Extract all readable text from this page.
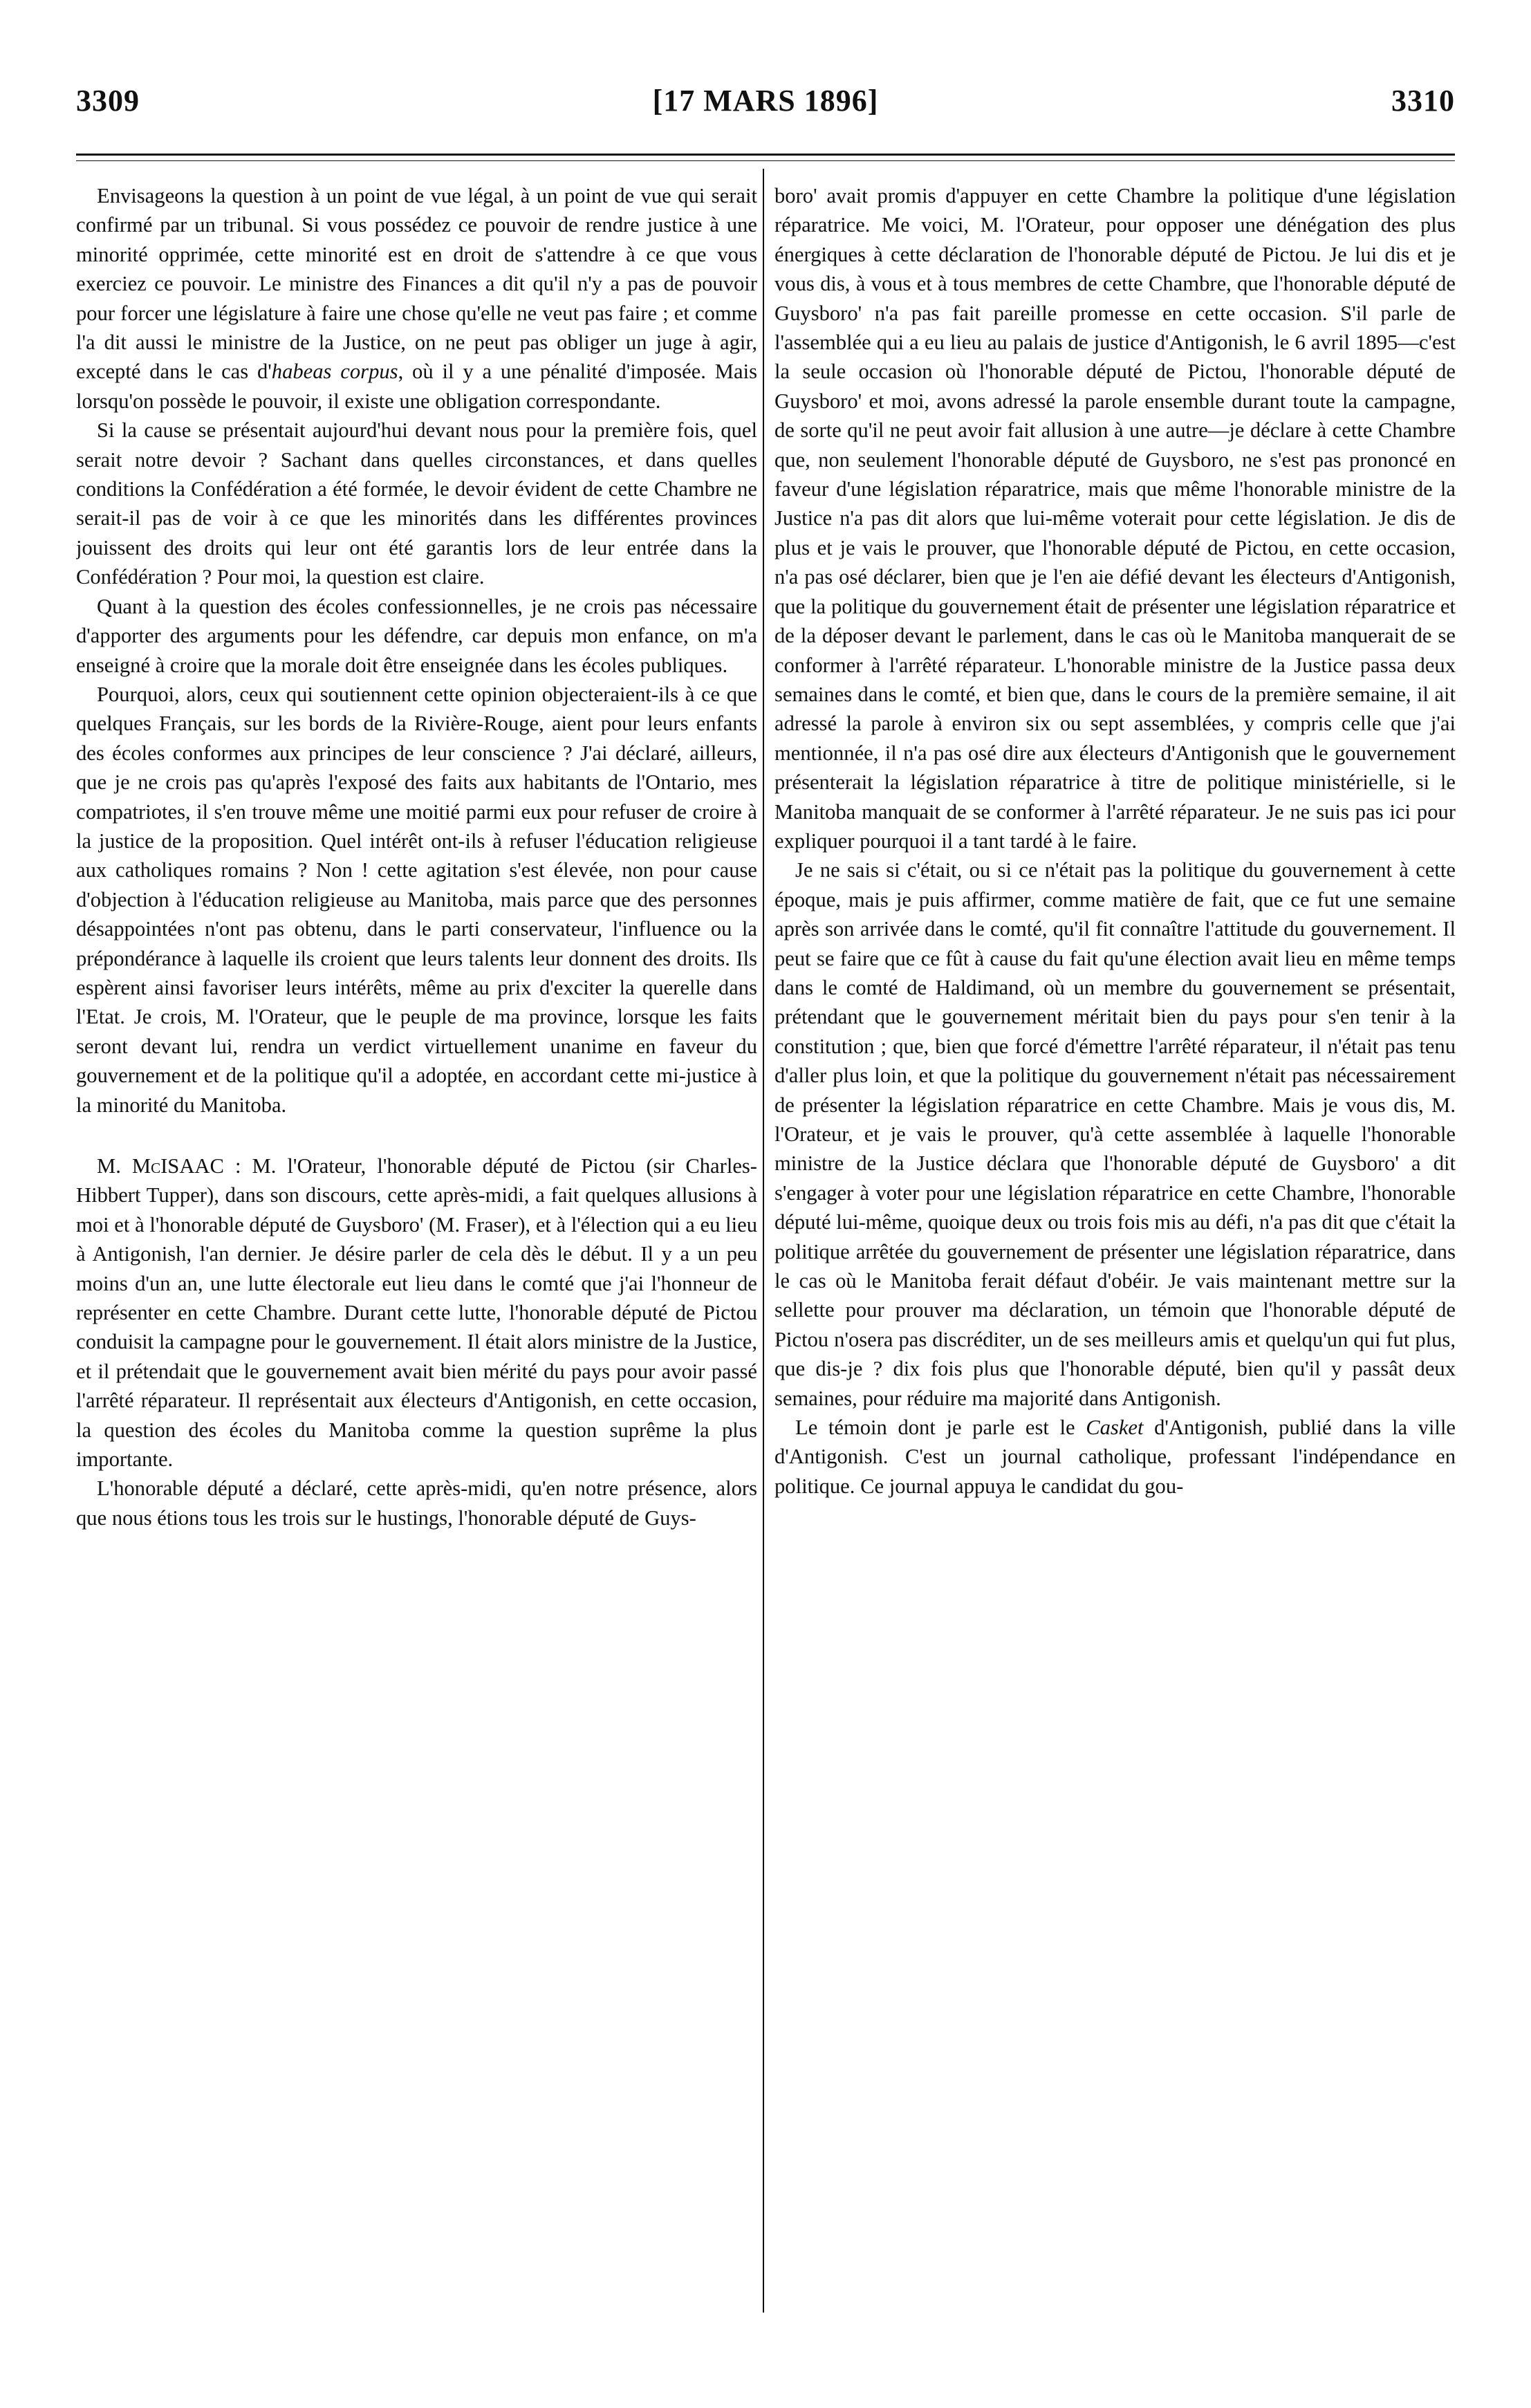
3309	[17 MARS 1896]	3310

Envisageons la question à un point de vue légal, à un point de vue qui serait confirmé par un tribunal. Si vous possédez ce pouvoir de rendre justice à une minorité opprimée, cette minorité est en droit de s'attendre à ce que vous exerciez ce pouvoir. Le ministre des Finances a dit qu'il n'y a pas de pouvoir pour forcer une législature à faire une chose qu'elle ne veut pas faire ; et comme l'a dit aussi le ministre de la Justice, on ne peut pas obliger un juge à agir, excepté dans le cas d'habeas corpus, où il y a une pénalité d'imposée. Mais lorsqu'on possède le pouvoir, il existe une obligation correspondante.

Si la cause se présentait aujourd'hui devant nous pour la première fois, quel serait notre devoir ? Sachant dans quelles circonstances, et dans quelles conditions la Confédération a été formée, le devoir évident de cette Chambre ne serait-il pas de voir à ce que les minorités dans les différentes provinces jouissent des droits qui leur ont été garantis lors de leur entrée dans la Confédération ? Pour moi, la question est claire.

Quant à la question des écoles confessionnelles, je ne crois pas nécessaire d'apporter des arguments pour les défendre, car depuis mon enfance, on m'a enseigné à croire que la morale doit être enseignée dans les écoles publiques.

Pourquoi, alors, ceux qui soutiennent cette opinion objecteraient-ils à ce que quelques Français, sur les bords de la Rivière-Rouge, aient pour leurs enfants des écoles conformes aux principes de leur conscience ? J'ai déclaré, ailleurs, que je ne crois pas qu'après l'exposé des faits aux habitants de l'Ontario, mes compatriotes, il s'en trouve même une moitié parmi eux pour refuser de croire à la justice de la proposition. Quel intérêt ont-ils à refuser l'éducation religieuse aux catholiques romains ? Non ! cette agitation s'est élevée, non pour cause d'objection à l'éducation religieuse au Manitoba, mais parce que des personnes désappointées n'ont pas obtenu, dans le parti conservateur, l'influence ou la prépondérance à laquelle ils croient que leurs talents leur donnent des droits. Ils espèrent ainsi favoriser leurs intérêts, même au prix d'exciter la querelle dans l'Etat. Je crois, M. l'Orateur, que le peuple de ma province, lorsque les faits seront devant lui, rendra un verdict virtuellement unanime en faveur du gouvernement et de la politique qu'il a adoptée, en accordant cette mi-justice à la minorité du Manitoba.

M. McISAAC : M. l'Orateur, l'honorable député de Pictou (sir Charles-Hibbert Tupper), dans son discours, cette après-midi, a fait quelques allusions à moi et à l'honorable député de Guysboro' (M. Fraser), et à l'élection qui a eu lieu à Antigonish, l'an dernier. Je désire parler de cela dès le début. Il y a un peu moins d'un an, une lutte électorale eut lieu dans le comté que j'ai l'honneur de représenter en cette Chambre. Durant cette lutte, l'honorable député de Pictou conduisit la campagne pour le gouvernement. Il était alors ministre de la Justice, et il prétendait que le gouvernement avait bien mérité du pays pour avoir passé l'arrêté réparateur. Il représentait aux électeurs d'Antigonish, en cette occasion, la question des écoles du Manitoba comme la question suprême la plus importante.

L'honorable député a déclaré, cette après-midi, qu'en notre présence, alors que nous étions tous les trois sur le hustings, l'honorable député de Guys-

boro' avait promis d'appuyer en cette Chambre la politique d'une législation réparatrice. Me voici, M. l'Orateur, pour opposer une dénégation des plus énergiques à cette déclaration de l'honorable député de Pictou. Je lui dis et je vous dis, à vous et à tous membres de cette Chambre, que l'honorable député de Guysboro' n'a pas fait pareille promesse en cette occasion. S'il parle de l'assemblée qui a eu lieu au palais de justice d'Antigonish, le 6 avril 1895—c'est la seule occasion où l'honorable député de Pictou, l'honorable député de Guysboro' et moi, avons adressé la parole ensemble durant toute la campagne, de sorte qu'il ne peut avoir fait allusion à une autre—je déclare à cette Chambre que, non seulement l'honorable député de Guysboro, ne s'est pas prononcé en faveur d'une législation réparatrice, mais que même l'honorable ministre de la Justice n'a pas dit alors que lui-même voterait pour cette législation. Je dis de plus et je vais le prouver, que l'honorable député de Pictou, en cette occasion, n'a pas osé déclarer, bien que je l'en aie défié devant les électeurs d'Antigonish, que la politique du gouvernement était de présenter une législation réparatrice et de la déposer devant le parlement, dans le cas où le Manitoba manquerait de se conformer à l'arrêté réparateur. L'honorable ministre de la Justice passa deux semaines dans le comté, et bien que, dans le cours de la première semaine, il ait adressé la parole à environ six ou sept assemblées, y compris celle que j'ai mentionnée, il n'a pas osé dire aux électeurs d'Antigonish que le gouvernement présenterait la législation réparatrice à titre de politique ministérielle, si le Manitoba manquait de se conformer à l'arrêté réparateur. Je ne suis pas ici pour expliquer pourquoi il a tant tardé à le faire.

Je ne sais si c'était, ou si ce n'était pas la politique du gouvernement à cette époque, mais je puis affirmer, comme matière de fait, que ce fut une semaine après son arrivée dans le comté, qu'il fit connaître l'attitude du gouvernement. Il peut se faire que ce fût à cause du fait qu'une élection avait lieu en même temps dans le comté de Haldimand, où un membre du gouvernement se présentait, prétendant que le gouvernement méritait bien du pays pour s'en tenir à la constitution ; que, bien que forcé d'émettre l'arrêté réparateur, il n'était pas tenu d'aller plus loin, et que la politique du gouvernement n'était pas nécessairement de présenter la législation réparatrice en cette Chambre. Mais je vous dis, M. l'Orateur, et je vais le prouver, qu'à cette assemblée à laquelle l'honorable ministre de la Justice déclara que l'honorable député de Guysboro' a dit s'engager à voter pour une législation réparatrice en cette Chambre, l'honorable député lui-même, quoique deux ou trois fois mis au défi, n'a pas dit que c'était la politique arrêtée du gouvernement de présenter une législation réparatrice, dans le cas où le Manitoba ferait défaut d'obéir. Je vais maintenant mettre sur la sellette pour prouver ma déclaration, un témoin que l'honorable député de Pictou n'osera pas discréditer, un de ses meilleurs amis et quelqu'un qui fut plus, que dis-je ? dix fois plus que l'honorable député, bien qu'il y passât deux semaines, pour réduire ma majorité dans Antigonish.

Le témoin dont je parle est le Casket d'Antigonish, publié dans la ville d'Antigonish. C'est un journal catholique, professant l'indépendance en politique. Ce journal appuya le candidat du gou-
